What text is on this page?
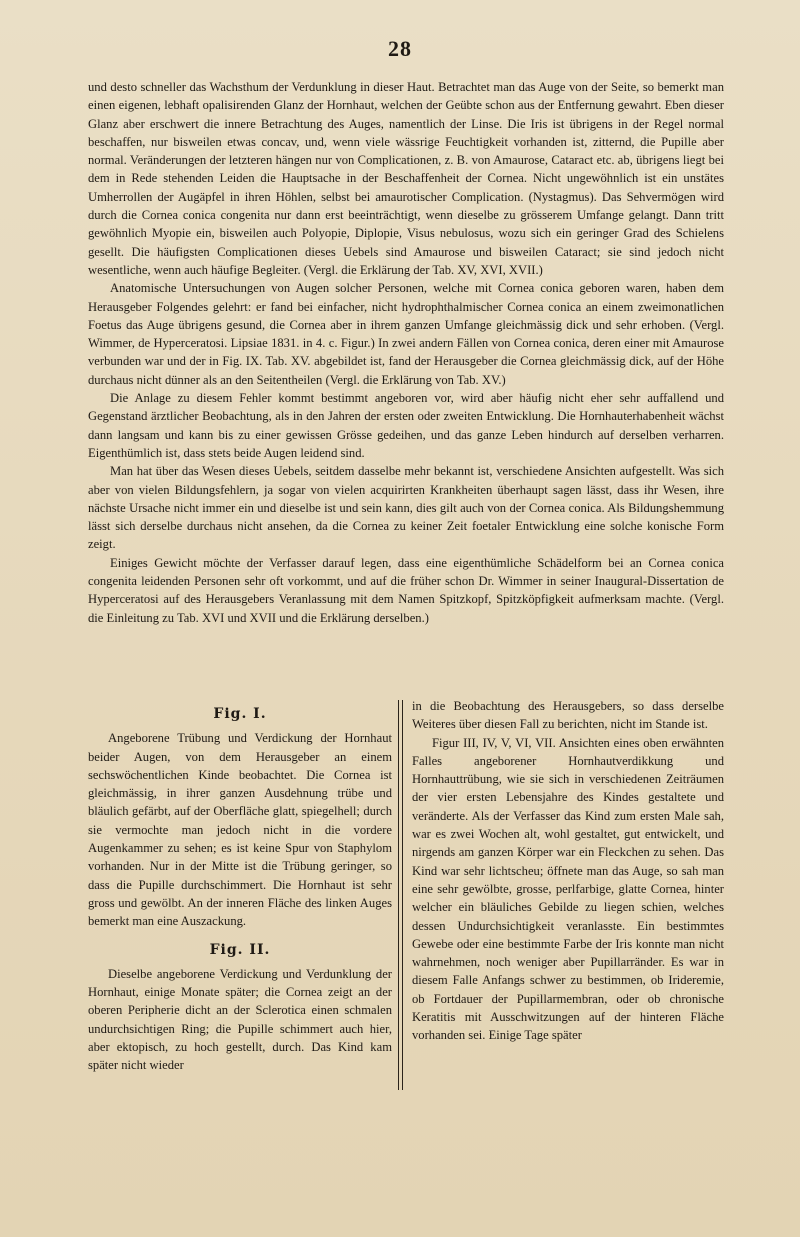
28

und desto schneller das Wachsthum der Verdunklung in dieser Haut. Betrachtet man das Auge von der Seite, so bemerkt man einen eigenen, lebhaft opalisirenden Glanz der Hornhaut, welchen der Geübte schon aus der Entfernung gewahrt. Eben dieser Glanz aber erschwert die innere Betrachtung des Auges, namentlich der Linse. Die Iris ist übrigens in der Regel normal beschaffen, nur bisweilen etwas concav, und, wenn viele wässrige Feuchtigkeit vorhanden ist, zitternd, die Pupille aber normal. Veränderungen der letzteren hängen nur von Complicationen, z. B. von Amaurose, Cataract etc. ab, übrigens liegt bei dem in Rede stehenden Leiden die Hauptsache in der Beschaffenheit der Cornea. Nicht ungewöhnlich ist ein unstätes Umherrollen der Augäpfel in ihren Höhlen, selbst bei amaurotischer Complication. (Nystagmus). Das Sehvermögen wird durch die Cornea conica congenita nur dann erst beeinträchtigt, wenn dieselbe zu grösserem Umfange gelangt. Dann tritt gewöhnlich Myopie ein, bisweilen auch Polyopie, Diplopie, Visus nebulosus, wozu sich ein geringer Grad des Schielens gesellt. Die häufigsten Complicationen dieses Uebels sind Amaurose und bisweilen Cataract; sie sind jedoch nicht wesentliche, wenn auch häufige Begleiter. (Vergl. die Erklärung der Tab. XV, XVI, XVII.)

Anatomische Untersuchungen von Augen solcher Personen, welche mit Cornea conica geboren waren, haben dem Herausgeber Folgendes gelehrt: er fand bei einfacher, nicht hydrophthalmischer Cornea conica an einem zweimonatlichen Foetus das Auge übrigens gesund, die Cornea aber in ihrem ganzen Umfange gleichmässig dick und sehr erhoben. (Vergl. Wimmer, de Hyperceratosi. Lipsiae 1831. in 4. c. Figur.) In zwei andern Fällen von Cornea conica, deren einer mit Amaurose verbunden war und der in Fig. IX. Tab. XV. abgebildet ist, fand der Herausgeber die Cornea gleichmässig dick, auf der Höhe durchaus nicht dünner als an den Seitentheilen (Vergl. die Erklärung von Tab. XV.)

Die Anlage zu diesem Fehler kommt bestimmt angeboren vor, wird aber häufig nicht eher sehr auffallend und Gegenstand ärztlicher Beobachtung, als in den Jahren der ersten oder zweiten Entwicklung. Die Hornhauterhabenheit wächst dann langsam und kann bis zu einer gewissen Grösse gedeihen, und das ganze Leben hindurch auf derselben verharren. Eigenthümlich ist, dass stets beide Augen leidend sind.

Man hat über das Wesen dieses Uebels, seitdem dasselbe mehr bekannt ist, verschiedene Ansichten aufgestellt. Was sich aber von vielen Bildungsfehlern, ja sogar von vielen acquirirten Krankheiten überhaupt sagen lässt, dass ihr Wesen, ihre nächste Ursache nicht immer ein und dieselbe ist und sein kann, dies gilt auch von der Cornea conica. Als Bildungshemmung lässt sich derselbe durchaus nicht ansehen, da die Cornea zu keiner Zeit foetaler Entwicklung eine solche konische Form zeigt.

Einiges Gewicht möchte der Verfasser darauf legen, dass eine eigenthümliche Schädelform bei an Cornea conica congenita leidenden Personen sehr oft vorkommt, und auf die früher schon Dr. Wimmer in seiner Inaugural-Dissertation de Hyperceratosi auf des Herausgebers Veranlassung mit dem Namen Spitzkopf, Spitzköpfigkeit aufmerksam machte. (Vergl. die Einleitung zu Tab. XVI und XVII und die Erklärung derselben.)

Fig. I.

Angeborene Trübung und Verdickung der Hornhaut beider Augen, von dem Herausgeber an einem sechswöchentlichen Kinde beobachtet. Die Cornea ist gleichmässig, in ihrer ganzen Ausdehnung trübe und bläulich gefärbt, auf der Oberfläche glatt, spiegelhell; durch sie vermochte man jedoch nicht in die vordere Augenkammer zu sehen; es ist keine Spur von Staphylom vorhanden. Nur in der Mitte ist die Trübung geringer, so dass die Pupille durchschimmert. Die Hornhaut ist sehr gross und gewölbt. An der inneren Fläche des linken Auges bemerkt man eine Auszackung.

Fig. II.

Dieselbe angeborene Verdickung und Verdunklung der Hornhaut, einige Monate später; die Cornea zeigt an der oberen Peripherie dicht an der Sclerotica einen schmalen undurchsichtigen Ring; die Pupille schimmert auch hier, aber ektopisch, zu hoch gestellt, durch. Das Kind kam später nicht wieder

in die Beobachtung des Herausgebers, so dass derselbe Weiteres über diesen Fall zu berichten, nicht im Stande ist.

Figur III, IV, V, VI, VII. Ansichten eines oben erwähnten Falles angeborener Hornhautverdikkung und Hornhauttrübung, wie sie sich in verschiedenen Zeiträumen der vier ersten Lebensjahre des Kindes gestaltete und veränderte. Als der Verfasser das Kind zum ersten Male sah, war es zwei Wochen alt, wohl gestaltet, gut entwickelt, und nirgends am ganzen Körper war ein Fleckchen zu sehen. Das Kind war sehr lichtscheu; öffnete man das Auge, so sah man eine sehr gewölbte, grosse, perlfarbige, glatte Cornea, hinter welcher ein bläuliches Gebilde zu liegen schien, welches dessen Undurchsichtigkeit veranlasste. Ein bestimmtes Gewebe oder eine bestimmte Farbe der Iris konnte man nicht wahrnehmen, noch weniger aber Pupillarränder. Es war in diesem Falle Anfangs schwer zu bestimmen, ob Irideremie, ob Fortdauer der Pupillarmembran, oder ob chronische Keratitis mit Ausschwitzungen auf der hinteren Fläche vorhanden sei. Einige Tage später
